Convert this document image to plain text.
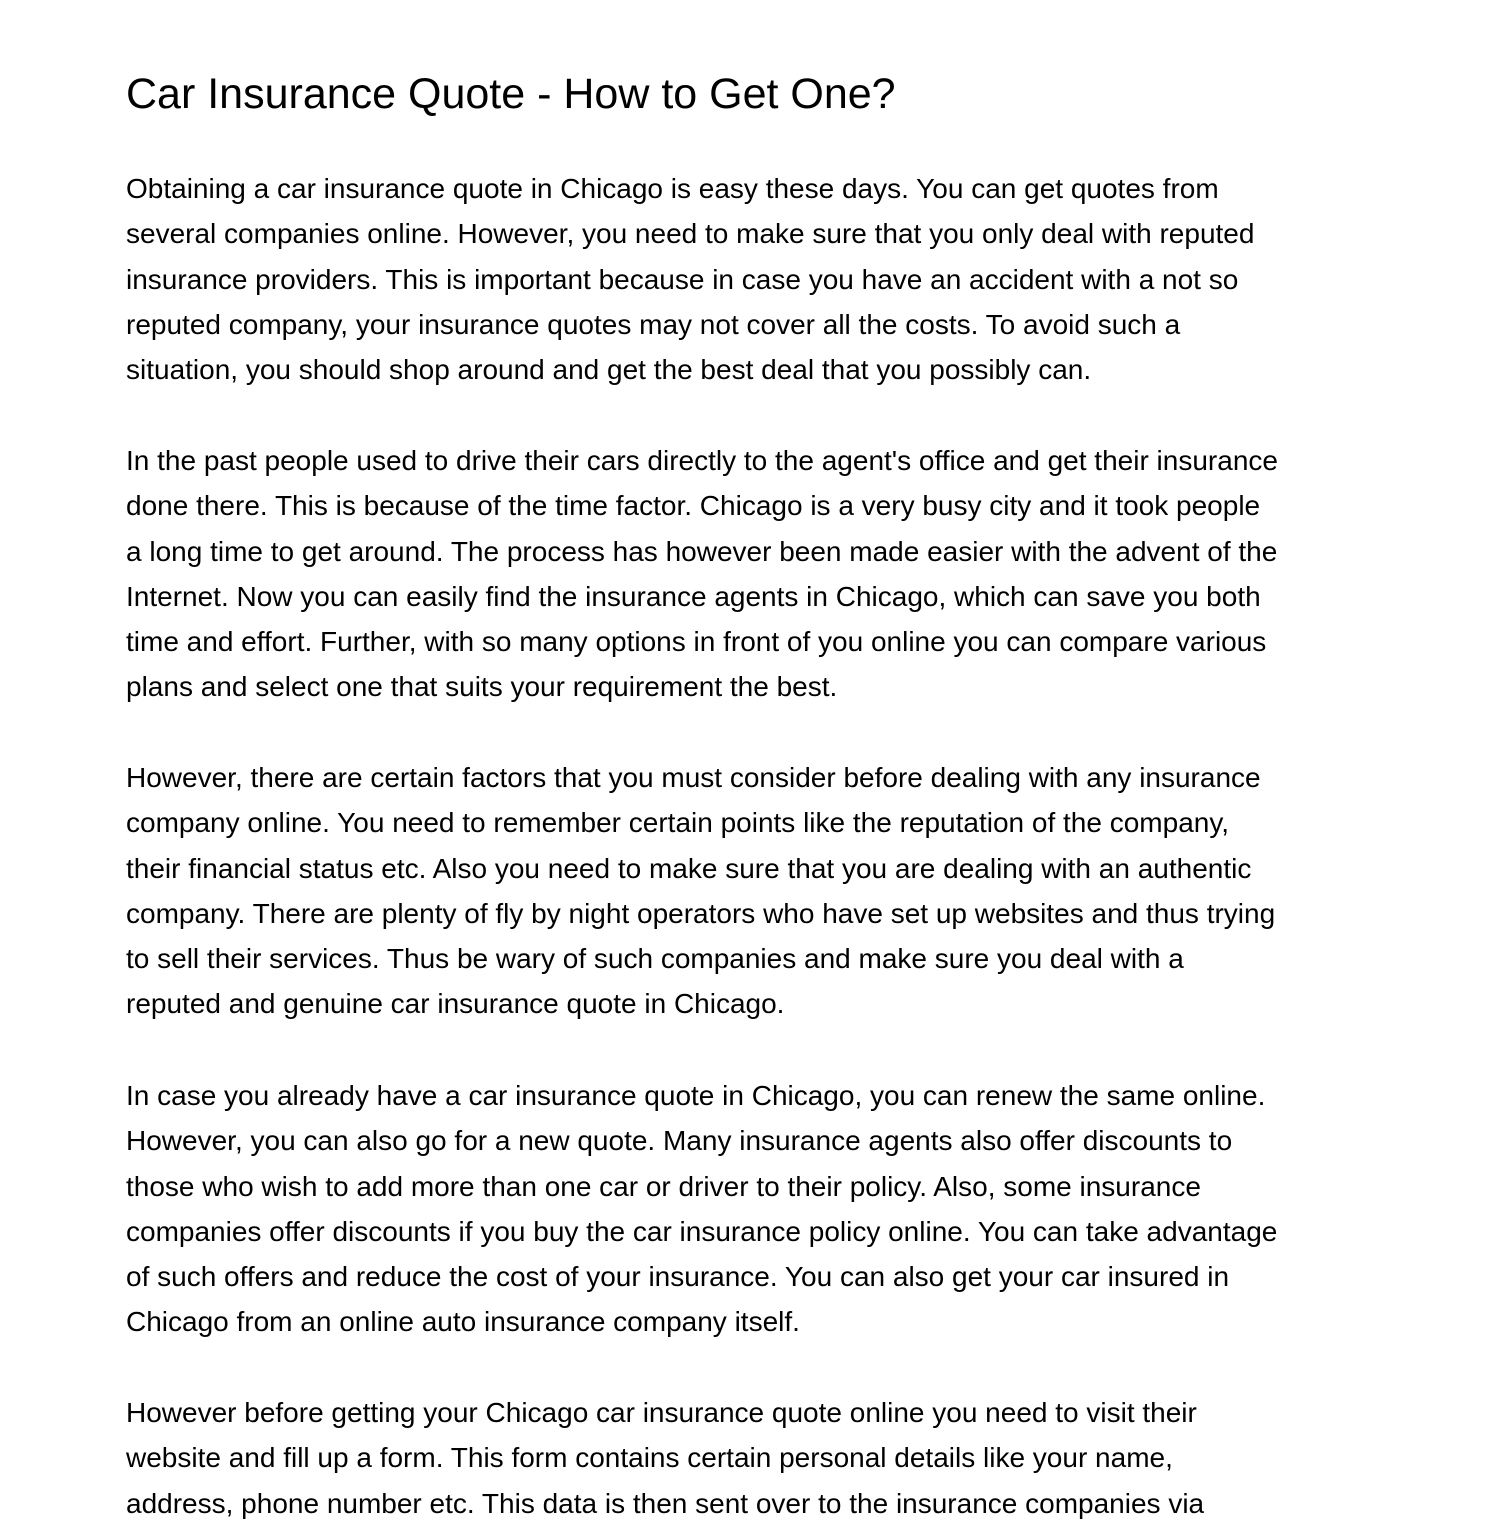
Car Insurance Quote - How to Get One?

Obtaining a car insurance quote in Chicago is easy these days. You can get quotes from
several companies online. However, you need to make sure that you only deal with reputed
insurance providers. This is important because in case you have an accident with a not so
reputed company, your insurance quotes may not cover all the costs. To avoid such a
situation, you should shop around and get the best deal that you possibly can.

In the past people used to drive their cars directly to the agent's office and get their insurance
done there. This is because of the time factor. Chicago is a very busy city and it took people
a long time to get around. The process has however been made easier with the advent of the
Internet. Now you can easily find the insurance agents in Chicago, which can save you both
time and effort. Further, with so many options in front of you online you can compare various
plans and select one that suits your requirement the best.

However, there are certain factors that you must consider before dealing with any insurance
company online. You need to remember certain points like the reputation of the company,
their financial status etc. Also you need to make sure that you are dealing with an authentic
company. There are plenty of fly by night operators who have set up websites and thus trying
to sell their services. Thus be wary of such companies and make sure you deal with a
reputed and genuine car insurance quote in Chicago.

In case you already have a car insurance quote in Chicago, you can renew the same online.
However, you can also go for a new quote. Many insurance agents also offer discounts to
those who wish to add more than one car or driver to their policy. Also, some insurance
companies offer discounts if you buy the car insurance policy online. You can take advantage
of such offers and reduce the cost of your insurance. You can also get your car insured in
Chicago from an online auto insurance company itself.

However before getting your Chicago car insurance quote online you need to visit their
website and fill up a form. This form contains certain personal details like your name,
address, phone number etc. This data is then sent over to the insurance companies via
